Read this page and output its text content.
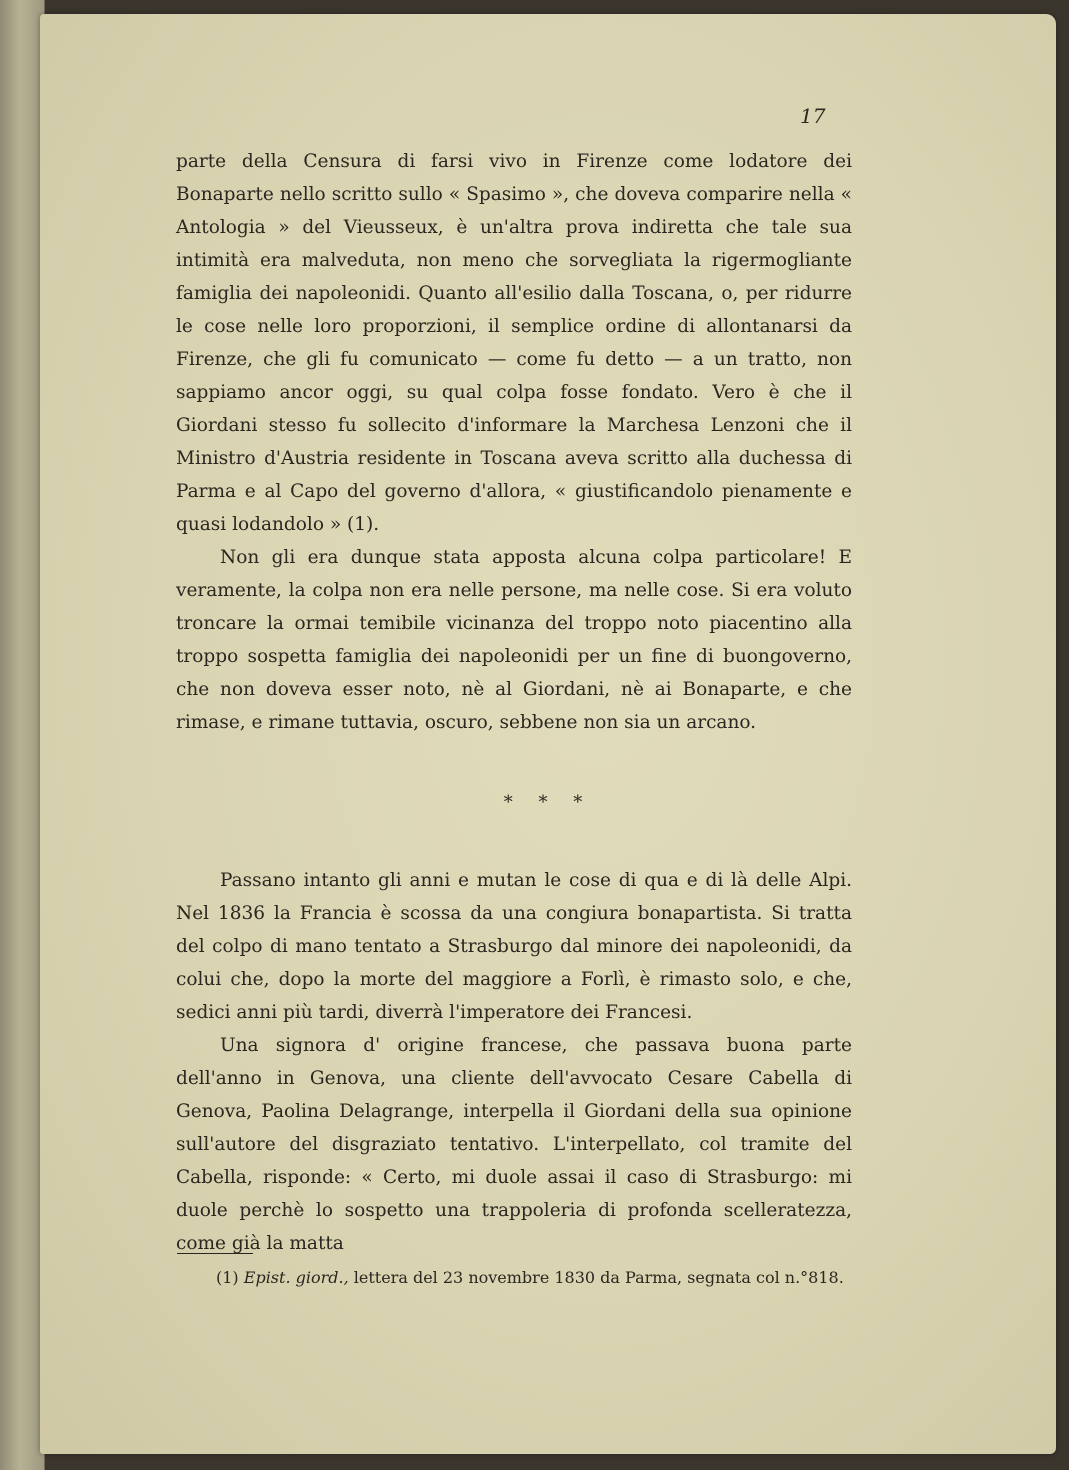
17

parte della Censura di farsi vivo in Firenze come lodatore dei Bonaparte nello scritto sullo « Spasimo », che doveva comparire nella « Antologia » del Vieusseux, è un'altra prova indiretta che tale sua intimità era malveduta, non meno che sorvegliata la rigermogliante famiglia dei napoleonidi. Quanto all'esilio dalla Toscana, o, per ridurre le cose nelle loro proporzioni, il semplice ordine di allontanarsi da Firenze, che gli fu comunicato — come fu detto — a un tratto, non sappiamo ancor oggi, su qual colpa fosse fondato. Vero è che il Giordani stesso fu sollecito d'informare la Marchesa Lenzoni che il Ministro d'Austria residente in Toscana aveva scritto alla duchessa di Parma e al Capo del governo d'allora, « giustificandolo pienamente e quasi lodandolo » (1).

Non gli era dunque stata apposta alcuna colpa particolare! E veramente, la colpa non era nelle persone, ma nelle cose. Si era voluto troncare la ormai temibile vicinanza del troppo noto piacentino alla troppo sospetta famiglia dei napoleonidi per un fine di buongoverno, che non doveva esser noto, nè al Giordani, nè ai Bonaparte, e che rimase, e rimane tuttavia, oscuro, sebbene non sia un arcano.

* * *

Passano intanto gli anni e mutan le cose di qua e di là delle Alpi. Nel 1836 la Francia è scossa da una congiura bonapartista. Si tratta del colpo di mano tentato a Strasburgo dal minore dei napoleonidi, da colui che, dopo la morte del maggiore a Forlì, è rimasto solo, e che, sedici anni più tardi, diverrà l'imperatore dei Francesi.

Una signora d' origine francese, che passava buona parte dell'anno in Genova, una cliente dell'avvocato Cesare Cabella di Genova, Paolina Delagrange, interpella il Giordani della sua opinione sull'autore del disgraziato tentativo. L'interpellato, col tramite del Cabella, risponde: « Certo, mi duole assai il caso di Strasburgo: mi duole perchè lo sospetto una trappoleria di profonda scelleratezza, come già la matta

(1) Epist. giord., lettera del 23 novembre 1830 da Parma, segnata col n.°818.
